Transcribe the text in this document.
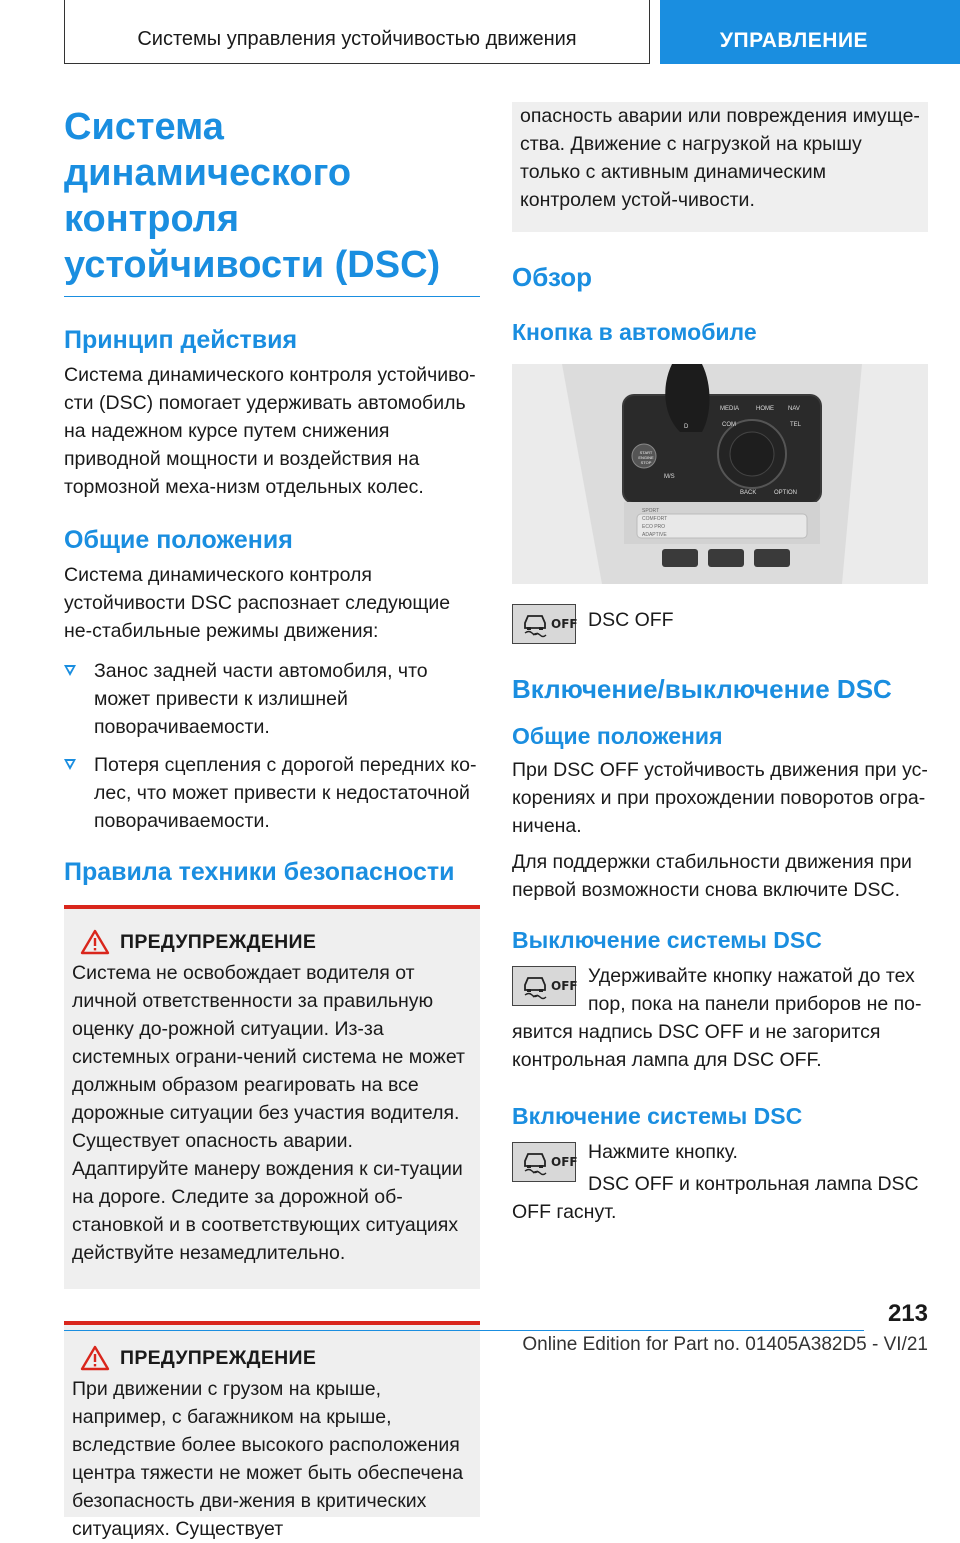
Системы управления устойчивостью движения	УПРАВЛЕНИЕ
Система динамического контроля устойчивости (DSC)
Принцип действия

Система динамического контроля устойчиво-сти (DSC) помогает удерживать автомобиль на надежном курсе путем снижения приводной мощности и воздействия на тормозной меха-низм отдельных колес.

Общие положения

Система динамического контроля устойчивости DSC распознает следующие не-стабильные режимы движения:

Занос задней части автомобиля, что может привести к излишней поворачиваемости.
Потеря сцепления с дорогой передних ко-лес, что может привести к недостаточной поворачиваемости.
Правила техники безопасности
ПРЕДУПРЕЖДЕНИЕ

Система не освобождает водителя от личной ответственности за правильную оценку до-рожной ситуации. Из-за системных ограни-чений система не может должным образом реагировать на все дорожные ситуации без участия водителя. Существует опасность аварии. Адаптируйте манеру вождения к си-туации на дороге. Следите за дорожной об-становкой и в соответствующих ситуациях действуйте незамедлительно.

ПРЕДУПРЕЖДЕНИЕ

При движении с грузом на крыше, например, с багажником на крыше, вследствие более высокого расположения центра тяжести не может быть обеспечена безопасность дви-жения в критических ситуациях. Существует

опасность аварии или повреждения имуще-ства. Движение с нагрузкой на крышу только с активным динамическим контролем устой-чивости.

Обзор
Кнопка в автомобиле
MEDIA	HOME NAV
COM	TEL
BACK	OPTION
START ENGINE STOP
M/S
D
SPORT
COMFORT
ECO PRO
ADAPTIVE
OFF DSC OFF

Включение/выключение DSC
Общие положения

При DSC OFF устойчивость движения при ус-корениях и при прохождении поворотов огра-ничена.

Для поддержки стабильности движения при первой возможности снова включите DSC.

Выключение системы DSC
OFF Удерживайте кнопку нажатой до тех пор, пока на панели приборов не по-явится надпись DSC OFF и не загорится контрольная лампа для DSC OFF.

Включение системы DSC
OFF Нажмите кнопку.

DSC OFF и контрольная лампа DSC OFF гаснут.

213
Online Edition for Part no. 01405A382D5 - VI/21
